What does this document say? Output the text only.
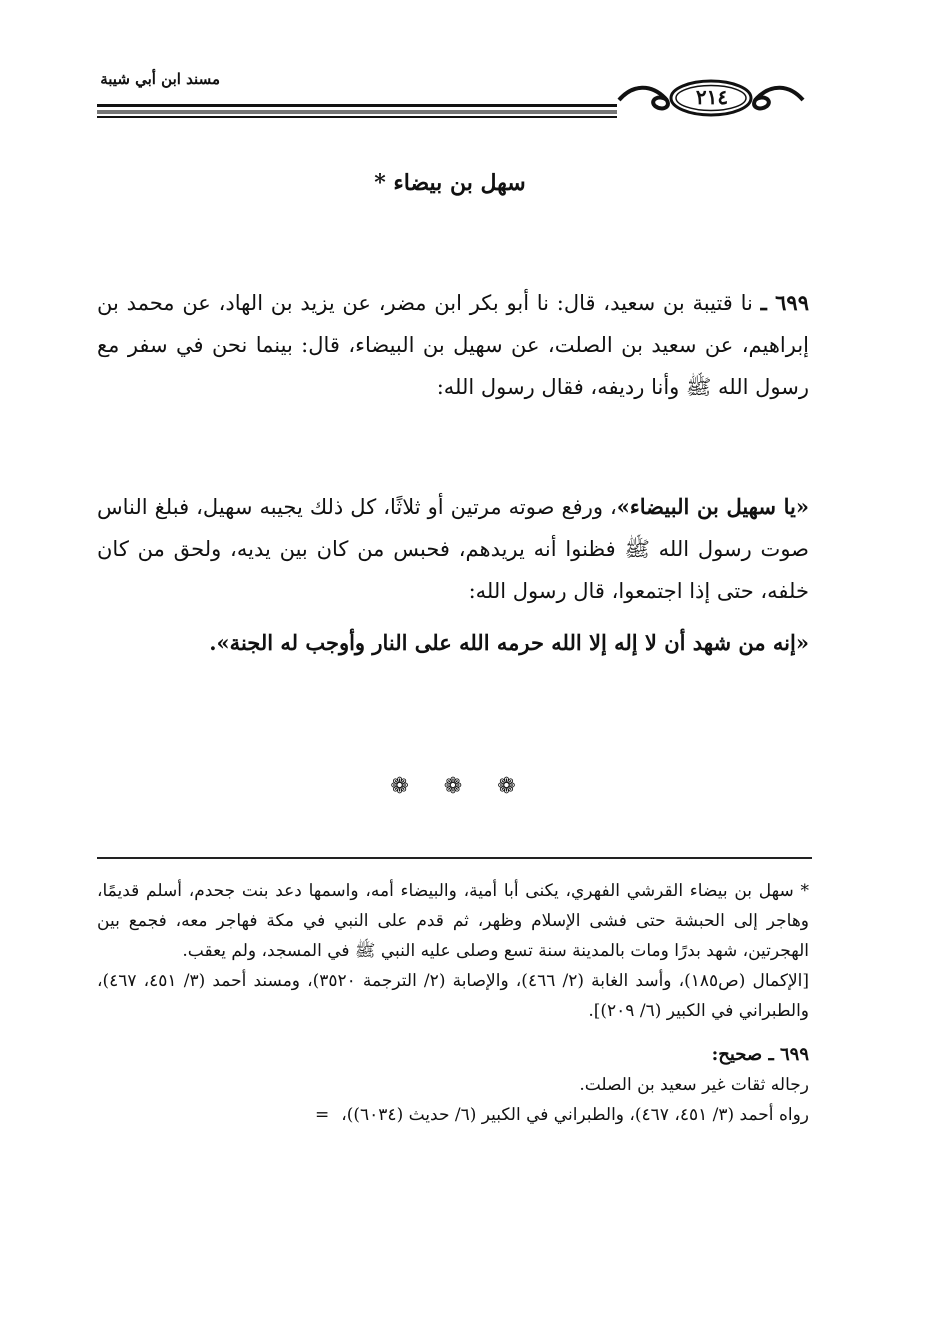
مسند ابن أبي شيبة
٢١٤
سهل بن بيضاء *

٦٩٩ ـ نا قتيبة بن سعيد، قال: نا أبو بكر ابن مضر، عن يزيد بن الهاد، عن محمد بن إبراهيم، عن سعيد بن الصلت، عن سهيل بن البيضاء، قال: بينما نحن في سفر مع رسول الله ﷺ وأنا رديفه، فقال رسول الله:

«يا سهيل بن البيضاء»، ورفع صوته مرتين أو ثلاثًا، كل ذلك يجيبه سهيل، فبلغ الناس صوت رسول الله ﷺ فظنوا أنه يريدهم، فحبس من كان بين يديه، ولحق من كان خلفه، حتى إذا اجتمعوا، قال رسول الله:

«إنه من شهد أن لا إله إلا الله حرمه الله على النار وأوجب له الجنة».

❁ ❁ ❁

* سهل بن بيضاء القرشي الفهري، يكنى أبا أمية، والبيضاء أمه، واسمها دعد بنت جحدم، أسلم قديمًا، وهاجر إلى الحبشة حتى فشى الإسلام وظهر، ثم قدم على النبي في مكة فهاجر معه، فجمع بين الهجرتين، شهد بدرًا ومات بالمدينة سنة تسع وصلى عليه النبي ﷺ في المسجد، ولم يعقب.

[الإكمال (ص١٨٥)، وأسد الغابة (٢/ ٤٦٦)، والإصابة (٢/ الترجمة ٣٥٢٠)، ومسند أحمد (٣/ ٤٥١، ٤٦٧)، والطبراني في الكبير (٦/ ٢٠٩)].

٦٩٩ ـ صحيح:

رجاله ثقات غير سعيد بن الصلت.

رواه أحمد (٣/ ٤٥١، ٤٦٧)، والطبراني في الكبير (٦/ حديث (٦٠٣٤))،=
